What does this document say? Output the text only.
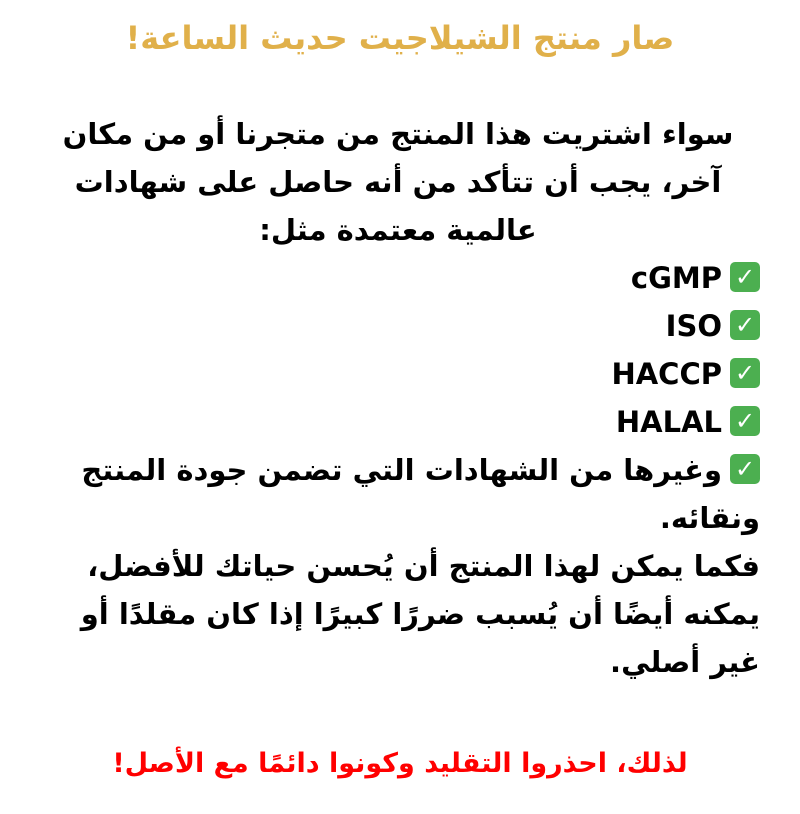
صار منتج الشيلاجيت حديث الساعة!

سواء اشتريت هذا المنتج من متجرنا أو من مكان آخر، يجب أن تتأكد من أنه حاصل على شهادات عالمية معتمدة مثل:

✓cGMP
✓ISO
✓HACCP
✓HALAL
✓وغيرها من الشهادات التي تضمن جودة المنتج ونقائه.

فكما يمكن لهذا المنتج أن يُحسن حياتك للأفضل، يمكنه أيضًا أن يُسبب ضررًا كبيرًا إذا كان مقلدًا أو غير أصلي.

لذلك، احذروا التقليد وكونوا دائمًا مع الأصل!
